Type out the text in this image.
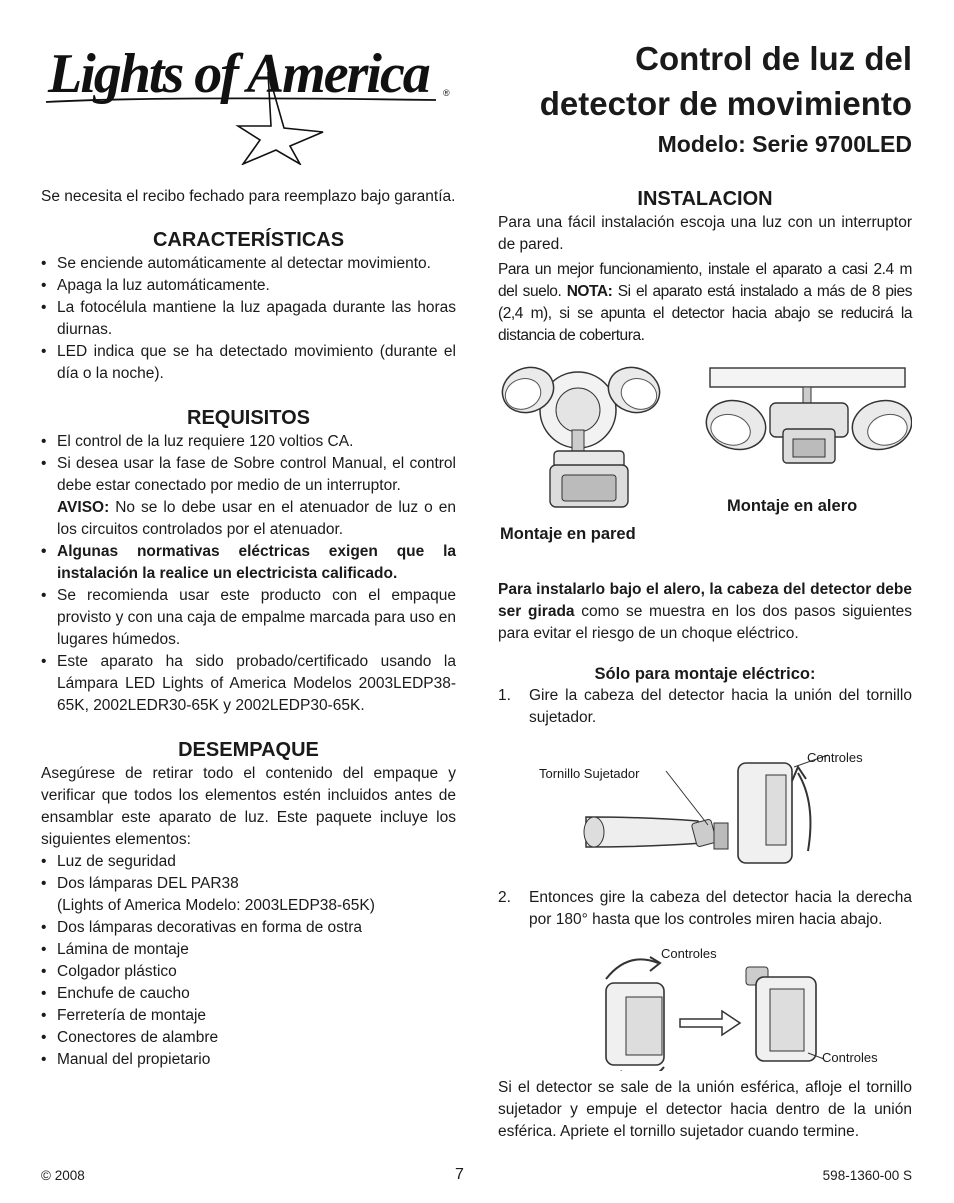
Lights of America ®
Control de luz del
detector de movimiento
Modelo: Serie 9700LED

Se necesita el recibo fechado para reemplazo bajo garantía.

CARACTERÍSTICAS
• Se enciende automáticamente al detectar movimiento.
• Apaga la luz automáticamente.
• La fotocélula mantiene la luz apagada durante las horas diurnas.
• LED indica que se ha detectado movimiento (durante el día o la noche).
REQUISITOS
• El control de la luz requiere 120 voltios CA.
• Si desea usar la fase de Sobre control Manual, el control debe estar conectado por medio de un interruptor.
AVISO: No se lo debe usar en el atenuador de luz o en los circuitos controlados por el atenuador.
• Algunas normativas eléctricas exigen que la instalación la realice un electricista calificado.
• Se recomienda usar este producto con el empaque provisto y con una caja de empalme marcada para uso en lugares húmedos.
• Este aparato ha sido probado/certificado usando la Lámpara LED Lights of America Modelos 2003LEDP38-65K, 2002LEDR30-65K y 2002LEDP30-65K.
DESEMPAQUE

Asegúrese de retirar todo el contenido del empaque y verificar que todos los elementos estén incluidos antes de ensamblar este aparato de luz. Este paquete incluye los siguientes elementos:

• Luz de seguridad
• Dos lámparas DEL PAR38
(Lights of America Modelo: 2003LEDP38-65K)
• Dos lámparas decorativas en forma de ostra
• Lámina de montaje
• Colgador plástico
• Enchufe de caucho
• Ferretería de montaje
• Conectores de alambre
• Manual del propietario
INSTALACION

Para una fácil instalación escoja una luz con un interruptor de pared.

Para un mejor funcionamiento, instale el aparato a casi 2.4 m del suelo. NOTA: Si el aparato está instalado a más de 8 pies (2,4 m), si se apunta el detector hacia abajo se reducirá la distancia de cobertura.

Montaje en alero
Montaje en pared

Para instalarlo bajo el alero, la cabeza del detector debe ser girada como se muestra en los dos pasos siguientes para evitar el riesgo de un choque eléctrico.

Sólo para montaje eléctrico:
1. Gire la cabeza del detector hacia la unión del tornillo sujetador.
Tornillo Sujetador
Controles
2. Entonces gire la cabeza del detector hacia la derecha por 180° hasta que los controles miren hacia abajo.
Controles
Controles

Si el detector se sale de la unión esférica, afloje el tornillo sujetador y empuje el detector hacia dentro de la unión esférica. Apriete el tornillo sujetador cuando termine.

© 2008	7	598-1360-00 S
